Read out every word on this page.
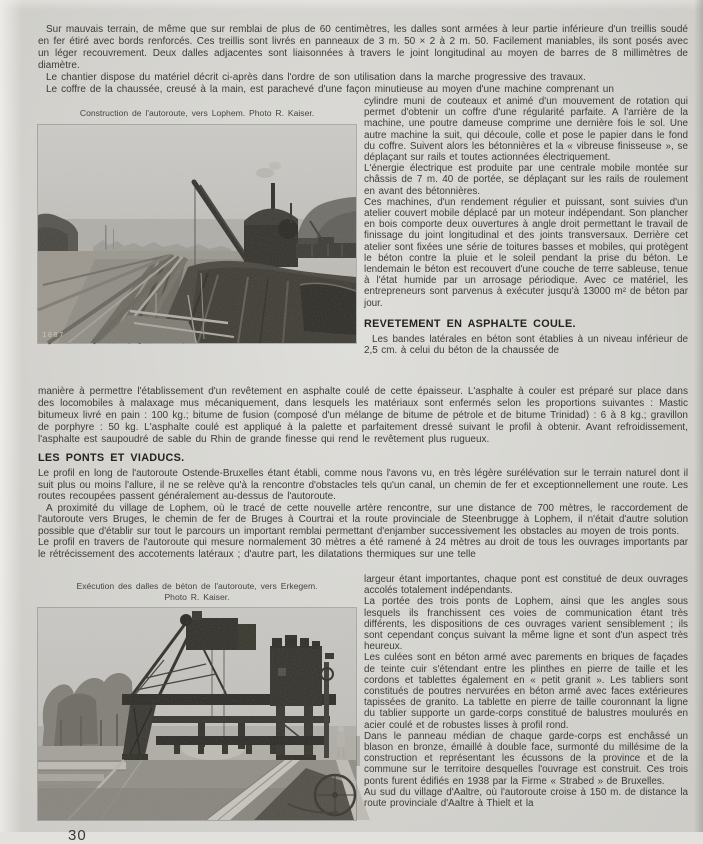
Sur mauvais terrain, de même que sur remblai de plus de 60 centimètres, les dalles sont armées à leur partie inférieure d'un treillis soudé en fer étiré avec bords renforcés. Ces treillis sont livrés en panneaux de 3 m. 50 × 2 à 2 m. 50. Facilement maniables, ils sont posés avec un léger recouvrement. Deux dalles adjacentes sont liaisonnées à travers le joint longitudinal au moyen de barres de 8 millimètres de diamètre.

Le chantier dispose du matériel décrit ci-après dans l'ordre de son utilisation dans la marche progressive des travaux.

Le coffre de la chaussée, creusé à la main, est parachevé d'une façon minutieuse au moyen d'une machine comprenant un

Construction de l'autoroute, vers Lophem. Photo R. Kaiser.
1087

cylindre muni de couteaux et animé d'un mouvement de rotation qui permet d'obtenir un coffre d'une régularité parfaite. A l'arrière de la machine, une poutre dameuse comprime une dernière fois le sol. Une autre machine la suit, qui découle, colle et pose le papier dans le fond du coffre. Suivent alors les bétonnières et la « vibreuse finisseuse », se déplaçant sur rails et toutes actionnées électriquement.

L'énergie électrique est produite par une centrale mobile montée sur châssis de 7 m. 40 de portée, se déplaçant sur les rails de roulement en avant des bétonnières.

Ces machines, d'un rendement régulier et puissant, sont suivies d'un atelier couvert mobile déplacé par un moteur indépendant. Son plancher en bois comporte deux ouvertures à angle droit permettant le travail de finissage du joint longitudinal et des joints transversaux. Derrière cet atelier sont fixées une série de toitures basses et mobiles, qui protègent le béton contre la pluie et le soleil pendant la prise du béton. Le lendemain le béton est recouvert d'une couche de terre sableuse, tenue à l'état humide par un arrosage périodique. Avec ce matériel, les entrepreneurs sont parvenus à exécuter jusqu'à 13000 m² de béton par jour.

REVETEMENT EN ASPHALTE COULE.

Les bandes latérales en béton sont établies à un niveau inférieur de 2,5 cm. à celui du béton de la chaussée de

manière à permettre l'établissement d'un revêtement en asphalte coulé de cette épaisseur. L'asphalte à couler est préparé sur place dans des locomobiles à malaxage mus mécaniquement, dans lesquels les matériaux sont enfermés selon les proportions suivantes : Mastic bitumeux livré en pain : 100 kg.; bitume de fusion (composé d'un mélange de bitume de pétrole et de bitume Trinidad) : 6 à 8 kg.; gravillon de porphyre : 50 kg. L'asphalte coulé est appliqué à la palette et parfaitement dressé suivant le profil à obtenir. Avant refroidissement, l'asphalte est saupoudré de sable du Rhin de grande finesse qui rend le revêtement plus rugueux.

LES PONTS ET VIADUCS.

Le profil en long de l'autoroute Ostende-Bruxelles étant établi, comme nous l'avons vu, en très légère surélévation sur le terrain naturel dont il suit plus ou moins l'allure, il ne se relève qu'à la rencontre d'obstacles tels qu'un canal, un chemin de fer et exceptionnellement une route. Les routes recoupées passent généralement au-dessus de l'autoroute.

A proximité du village de Lophem, où le tracé de cette nouvelle artère rencontre, sur une distance de 700 mètres, le raccordement de l'autoroute vers Bruges, le chemin de fer de Bruges à Courtrai et la route provinciale de Steenbrugge à Lophem, il n'était d'autre solution possible que d'établir sur tout le parcours un important remblai permettant d'enjamber successivement les obstacles au moyen de trois ponts.

Le profil en travers de l'autoroute qui mesure normalement 30 mètres a été ramené à 24 mètres au droit de tous les ouvrages importants par le rétrécissement des accotements latéraux ; d'autre part, les dilatations thermiques sur une telle

Exécution des dalles de béton de l'autoroute, vers Erkegem.
Photo R. Kaiser.
30

largeur étant importantes, chaque pont est constitué de deux ouvrages accolés totalement indépendants.

La portée des trois ponts de Lophem, ainsi que les angles sous lesquels ils franchissent ces voies de communication étant très différents, les dispositions de ces ouvrages varient sensiblement ; ils sont cependant conçus suivant la même ligne et sont d'un aspect très heureux.

Les culées sont en béton armé avec parements en briques de façades de teinte cuir s'étendant entre les plinthes en pierre de taille et les cordons et tablettes également en « petit granit ». Les tabliers sont constitués de poutres nervurées en béton armé avec faces extérieures tapissées de granito. La tablette en pierre de taille couronnant la ligne du tablier supporte un garde-corps constitué de balustres moulurés en acier coulé et de robustes lisses à profil rond.

Dans le panneau médian de chaque garde-corps est enchâssé un blason en bronze, émaillé à double face, surmonté du millésime de la construction et représentant les écussons de la province et de la commune sur le territoire desquelles l'ouvrage est construit. Ces trois ponts furent édifiés en 1938 par la Firme « Strabed » de Bruxelles.

Au sud du village d'Aaltre, où l'autoroute croise à 150 m. de distance la route provinciale d'Aaltre à Thielt et la
